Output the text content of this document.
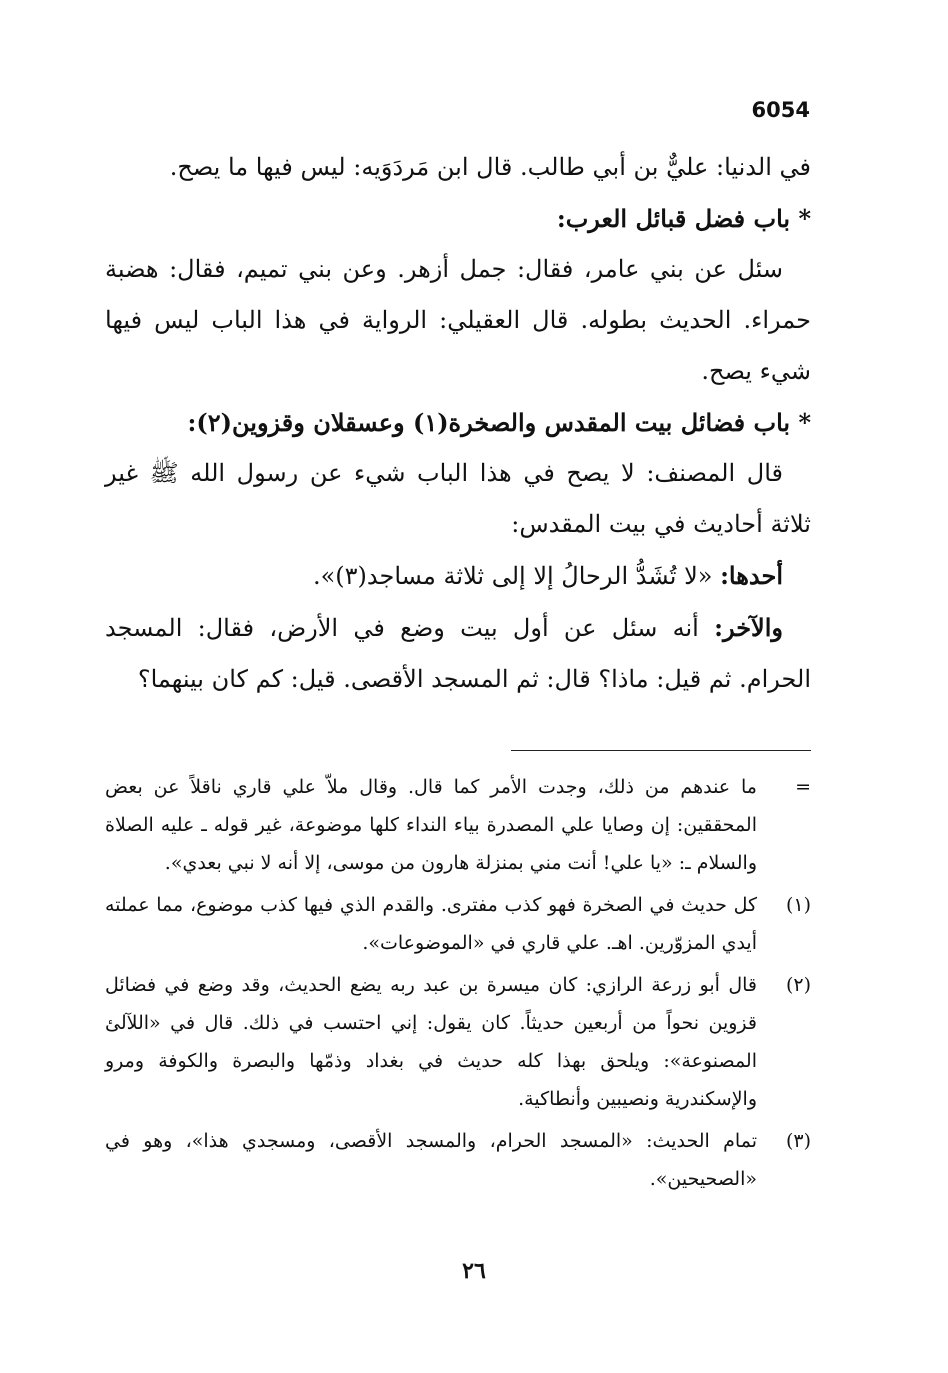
6054

في الدنيا: عليٌّ بن أبي طالب. قال ابن مَردَوَيه: ليس فيها ما يصح.

* باب فضل قبائل العرب:

سئل عن بني عامر، فقال: جمل أزهر. وعن بني تميم، فقال: هضبة حمراء. الحديث بطوله. قال العقيلي: الرواية في هذا الباب ليس فيها شيء يصح.

* باب فضائل بيت المقدس والصخرة(١) وعسقلان وقزوين(٢):

قال المصنف: لا يصح في هذا الباب شيء عن رسول الله ﷺ غير ثلاثة أحاديث في بيت المقدس:

أحدها: «لا تُشَدُّ الرحالُ إلا إلى ثلاثة مساجد(٣)».

والآخر: أنه سئل عن أول بيت وضع في الأرض، فقال: المسجد الحرام. ثم قيل: ماذا؟ قال: ثم المسجد الأقصى. قيل: كم كان بينهما؟

=
ما عندهم من ذلك، وجدت الأمر كما قال. وقال ملاّ علي قاري ناقلاً عن بعض المحققين: إن وصايا علي المصدرة بياء النداء كلها موضوعة، غير قوله ـ عليه الصلاة والسلام ـ: «يا علي! أنت مني بمنزلة هارون من موسى، إلا أنه لا نبي بعدي».
(١)
كل حديث في الصخرة فهو كذب مفترى. والقدم الذي فيها كذب موضوع، مما عملته أيدي المزوّرين. اهـ. علي قاري في «الموضوعات».
(٢)
قال أبو زرعة الرازي: كان ميسرة بن عبد ربه يضع الحديث، وقد وضع في فضائل قزوين نحواً من أربعين حديثاً. كان يقول: إني احتسب في ذلك. قال في «اللآلئ المصنوعة»: ويلحق بهذا كله حديث في بغداد وذمّها والبصرة والكوفة ومرو والإسكندرية ونصيبين وأنطاكية.
(٣)
تمام الحديث: «المسجد الحرام، والمسجد الأقصى، ومسجدي هذا»، وهو في «الصحيحين».
٢٦
